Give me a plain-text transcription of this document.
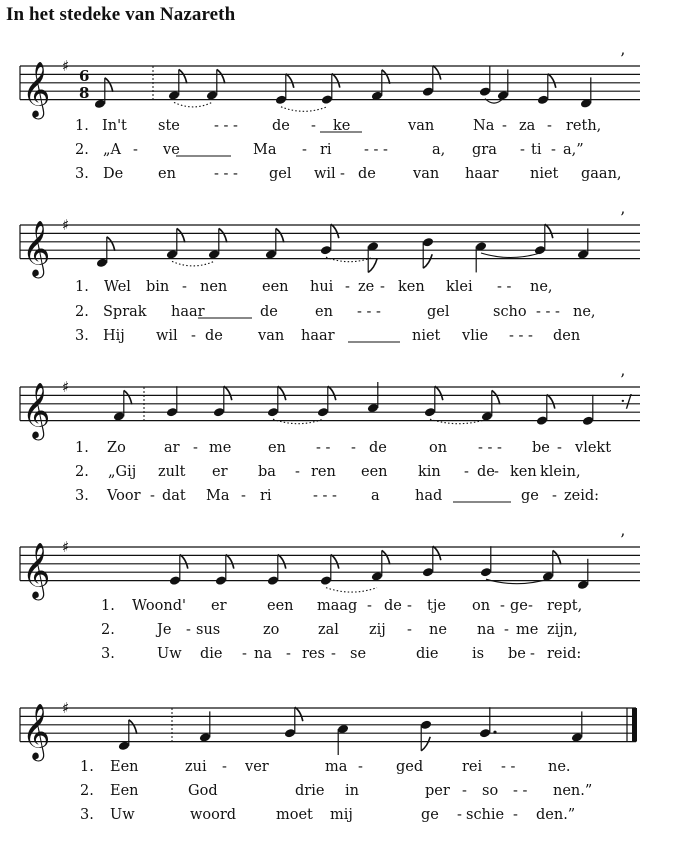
In het stedeke van Nazareth
𝄞 ♯
6
8
’
𝄞 ♯	’
𝄞 ♯	’
·/
𝄞 ♯	’
𝄞 ♯
1. In't ste - - - de - ke	van	Na - za - reth,
2. „A - ve	Ma - ri - - -	a, gra - ti - a,”
3. De en	- - - gel wil - de	van haar niet gaan,
1. Wel bin - nen een hui - ze - ken klei - - ne,
2. Sprak haar	de	en - - -	gel	scho - - - ne,
3. Hij wil - de van haar	niet vlie - - - den
1. Zo	ar - me	en - - - de	on - - - be - vlekt
2. „Gij zult er ba - ren een kin - de - ken klein,
3. Voor - dat Ma - ri	- - - a had	ge - zeid:
1. Woond' er	een maag - de - tje on - ge - rept,
2.	Je - sus	zo	zal zij - ne na - me zijn,
3.	Uw die - na - res - se	die is be - reid:
1. Een	zui - ver	ma - ged	rei - - ne.
2. Een	God	drie in	per - so - - nen.”
3. Uw	woord	moet mij	ge - schie - den.”
